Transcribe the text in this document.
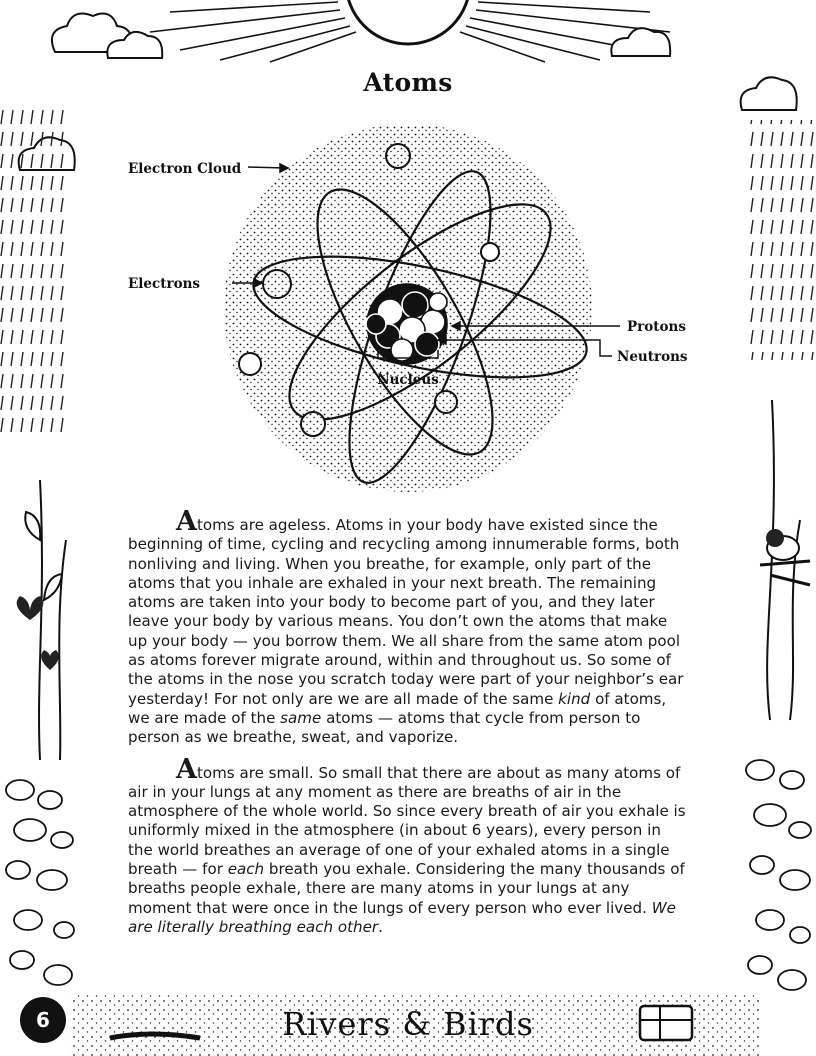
Atoms
Electron Cloud
Electrons
Protons
Neutrons
Nucleus

Atoms are ageless. Atoms in your body have existed since the beginning of time, cycling and recycling among innumerable forms, both nonliving and living. When you breathe, for example, only part of the atoms that you inhale are exhaled in your next breath. The remaining atoms are taken into your body to become part of you, and they later leave your body by various means. You don’t own the atoms that make up your body — you borrow them. We all share from the same atom pool as atoms forever migrate around, within and throughout us. So some of the atoms in the nose you scratch today were part of your neighbor’s ear yesterday! For not only are we are all made of the same kind of atoms, we are made of the same atoms — atoms that cycle from person to person as we breathe, sweat, and vaporize.

Atoms are small. So small that there are about as many atoms of air in your lungs at any moment as there are breaths of air in the atmosphere of the whole world. So since every breath of air you exhale is uniformly mixed in the atmosphere (in about 6 years), every person in the world breathes an average of one of your exhaled atoms in a single breath — for each breath you exhale. Considering the many thousands of breaths people exhale, there are many atoms in your lungs at any moment that were once in the lungs of every person who ever lived. We are literally breathing each other.

Rivers & Birds
6
